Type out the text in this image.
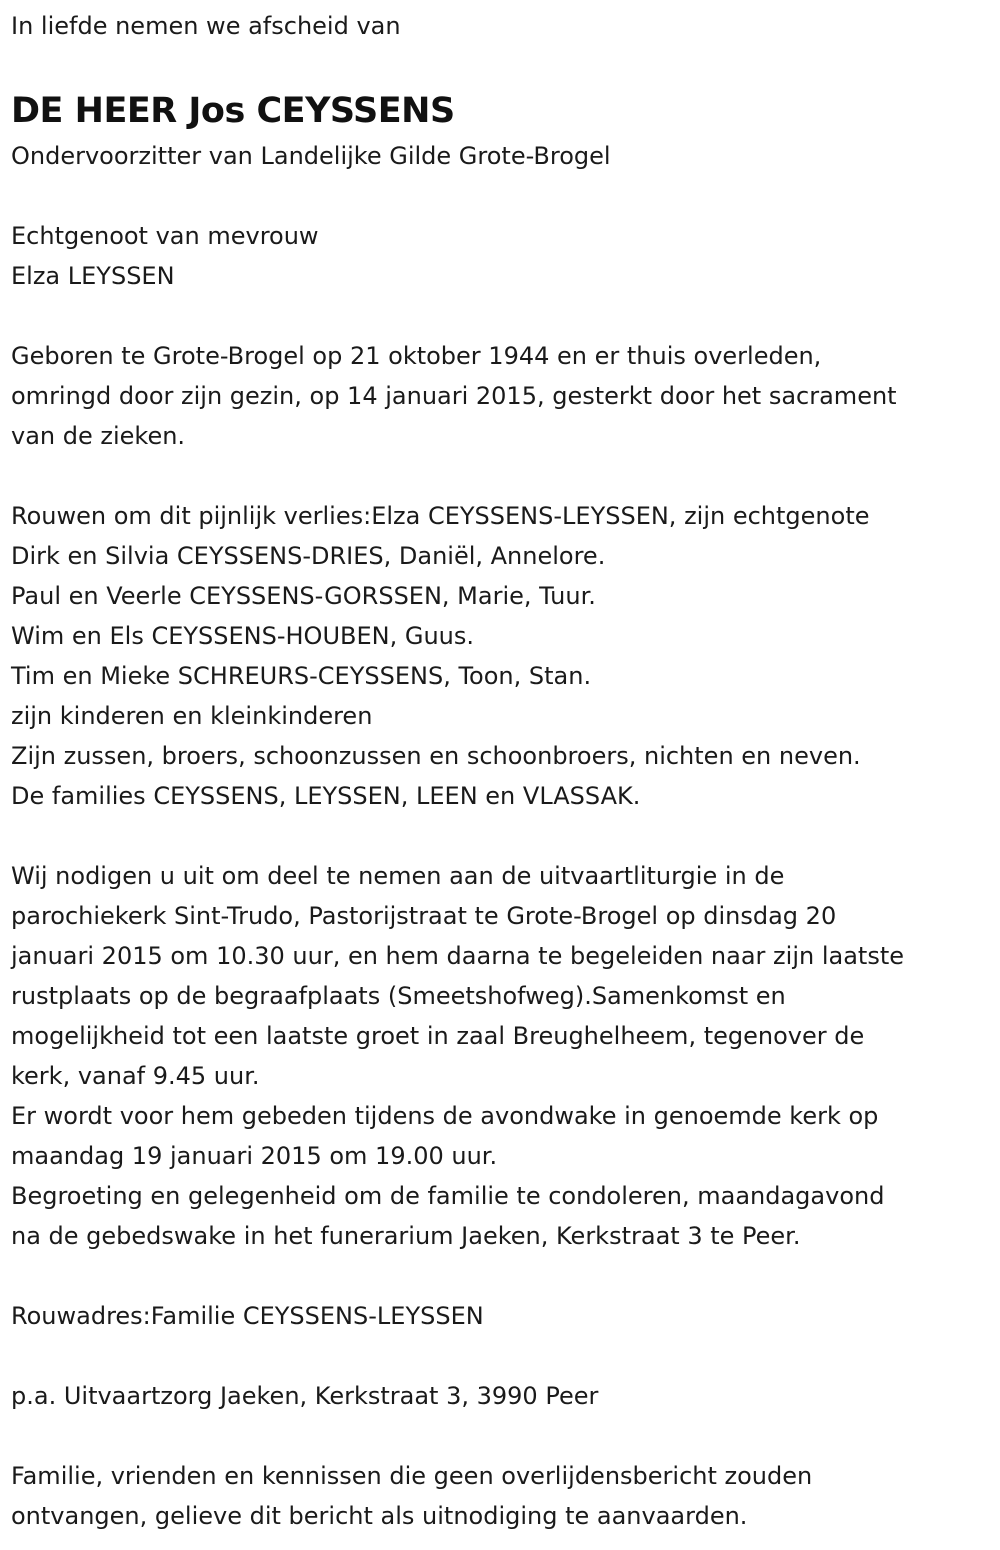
In liefde nemen we afscheid van

DE HEER Jos CEYSSENS

Ondervoorzitter van Landelijke Gilde Grote-Brogel

Echtgenoot van mevrouw

Elza LEYSSEN

Geboren te Grote-Brogel op 21 oktober 1944 en er thuis overleden,

omringd door zijn gezin, op 14 januari 2015, gesterkt door het sacrament

van de zieken.

Rouwen om dit pijnlijk verlies:Elza CEYSSENS-LEYSSEN, zijn echtgenote

Dirk en Silvia CEYSSENS-DRIES, Daniël, Annelore.

Paul en Veerle CEYSSENS-GORSSEN, Marie, Tuur.

Wim en Els CEYSSENS-HOUBEN, Guus.

Tim en Mieke SCHREURS-CEYSSENS, Toon, Stan.

zijn kinderen en kleinkinderen

Zijn zussen, broers, schoonzussen en schoonbroers, nichten en neven.

De families CEYSSENS, LEYSSEN, LEEN en VLASSAK.

Wij nodigen u uit om deel te nemen aan de uitvaartliturgie in de

parochiekerk Sint-Trudo, Pastorijstraat te Grote-Brogel op dinsdag 20

januari 2015 om 10.30 uur, en hem daarna te begeleiden naar zijn laatste

rustplaats op de begraafplaats (Smeetshofweg).Samenkomst en

mogelijkheid tot een laatste groet in zaal Breughelheem, tegenover de

kerk, vanaf 9.45 uur.

Er wordt voor hem gebeden tijdens de avondwake in genoemde kerk op

maandag 19 januari 2015 om 19.00 uur.

Begroeting en gelegenheid om de familie te condoleren, maandagavond

na de gebedswake in het funerarium Jaeken, Kerkstraat 3 te Peer.

Rouwadres:Familie CEYSSENS-LEYSSEN

p.a. Uitvaartzorg Jaeken, Kerkstraat 3, 3990 Peer

Familie, vrienden en kennissen die geen overlijdensbericht zouden

ontvangen, gelieve dit bericht als uitnodiging te aanvaarden.
